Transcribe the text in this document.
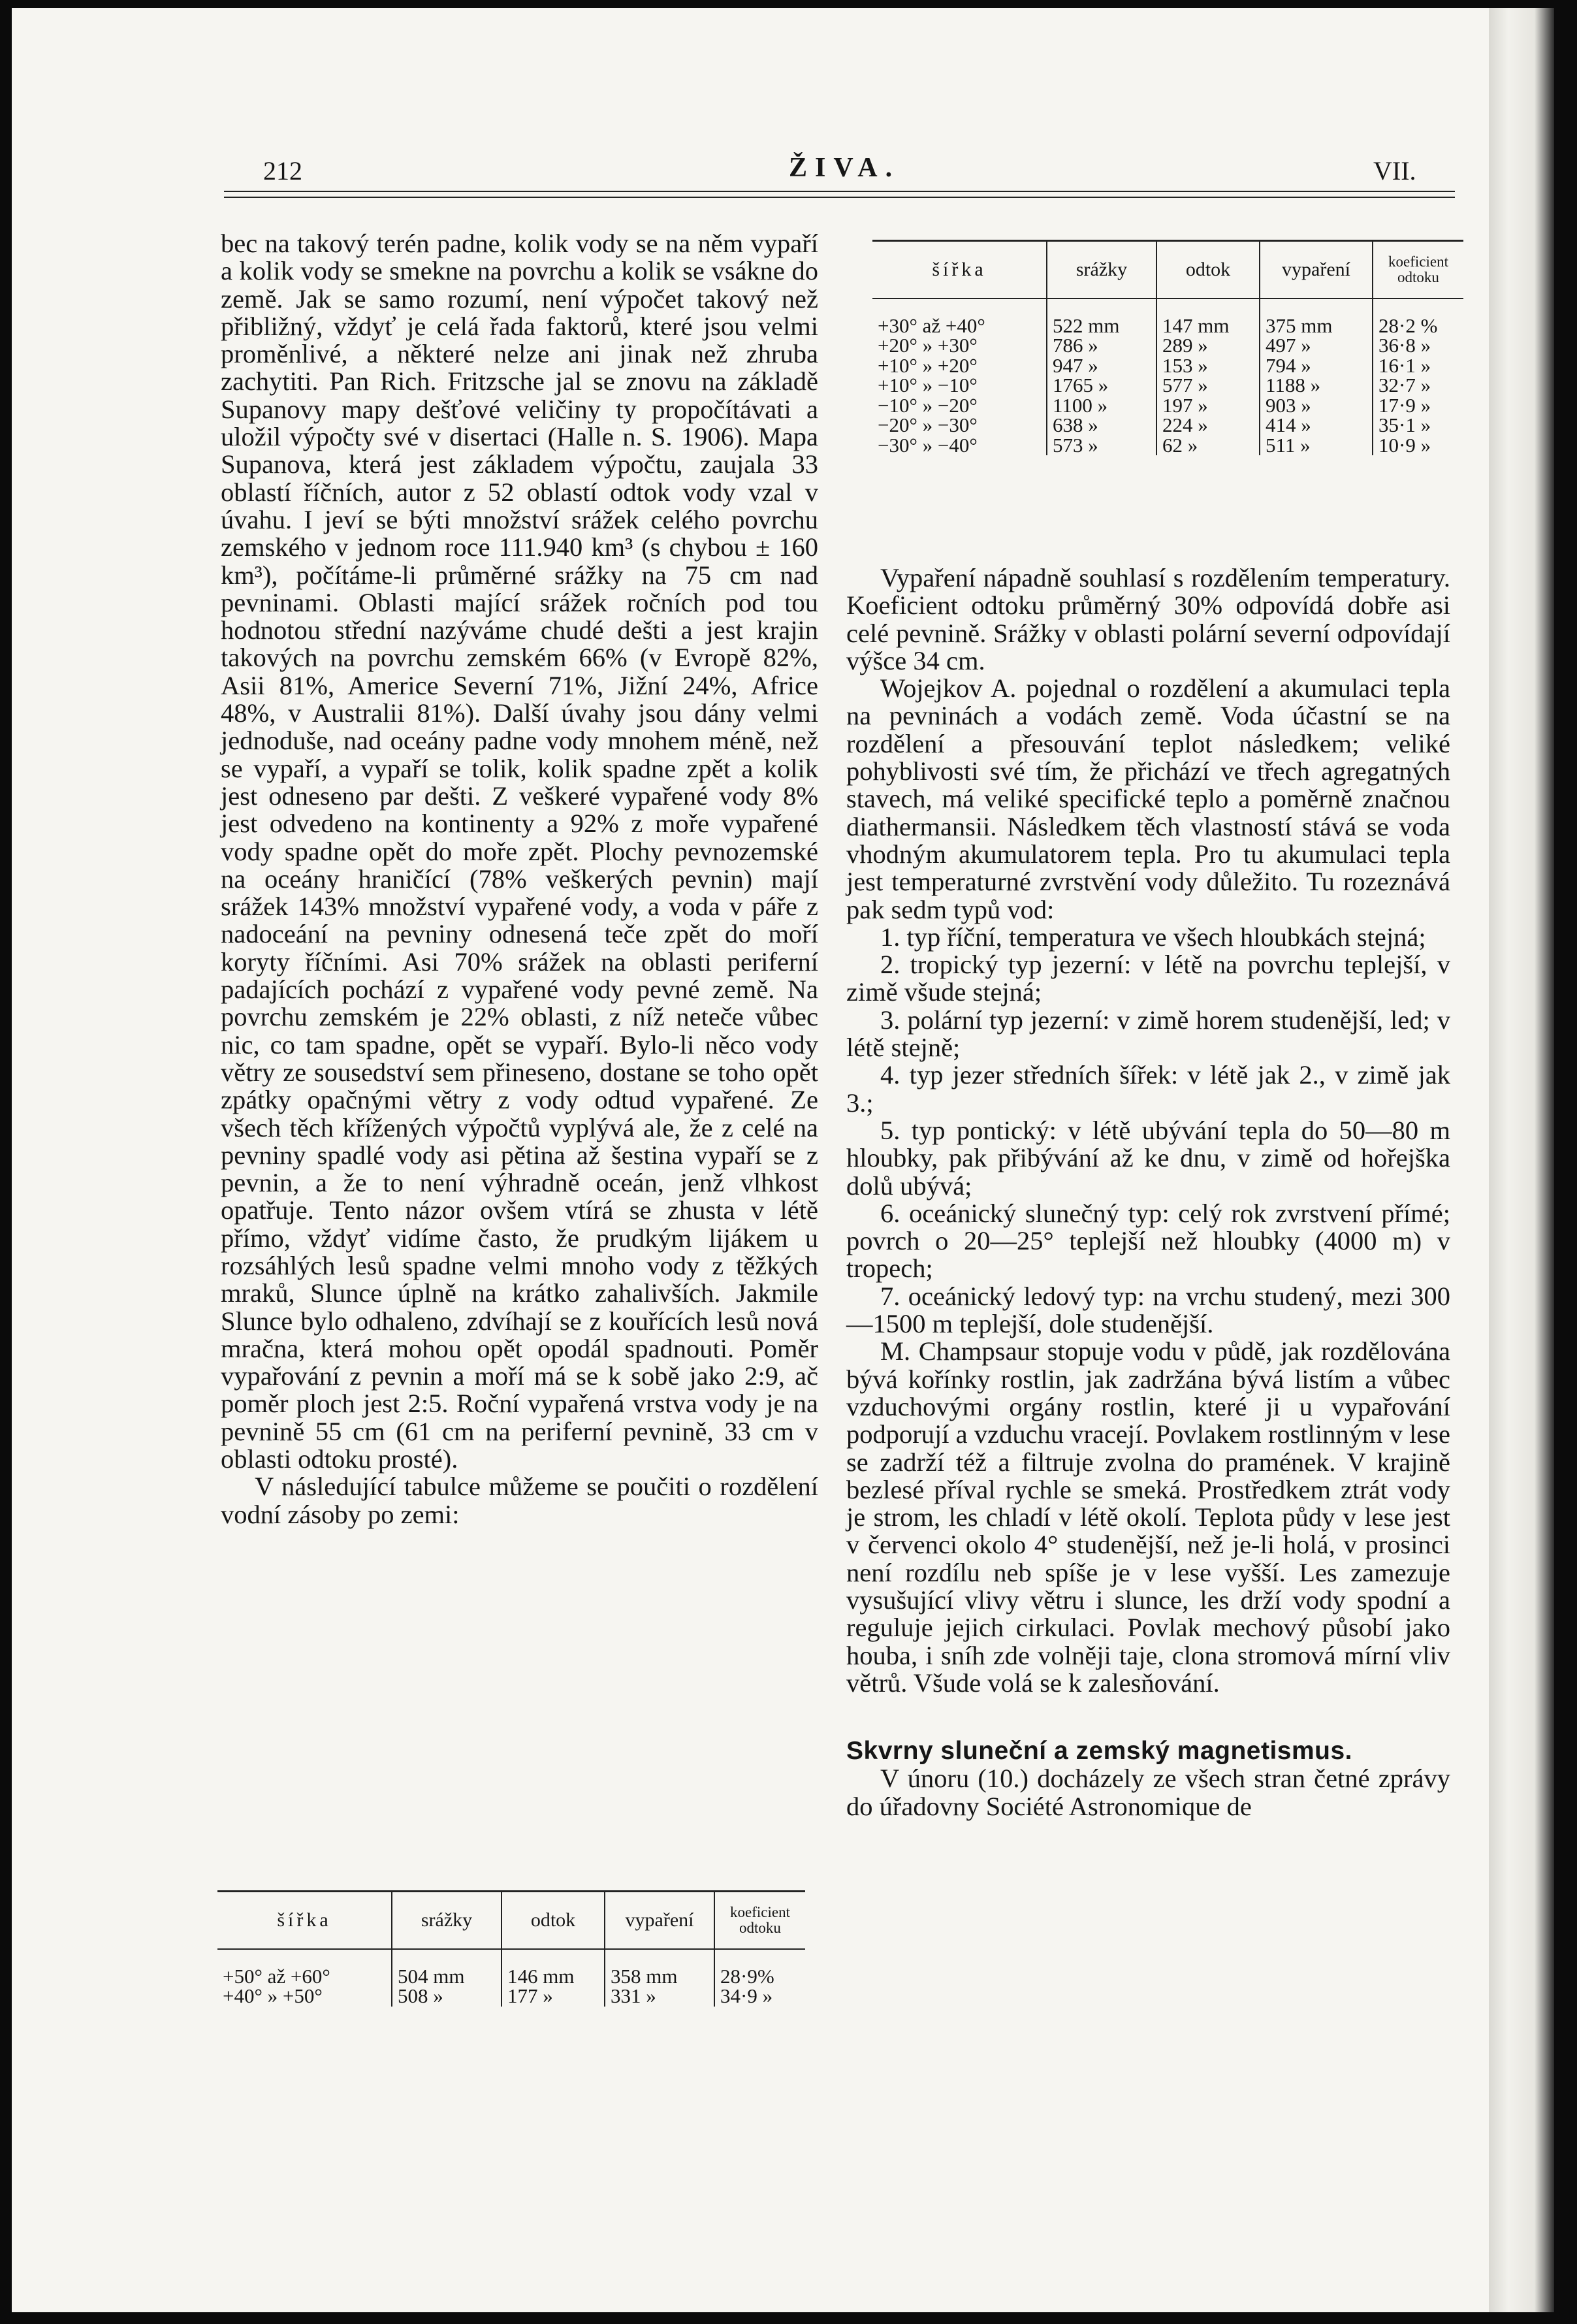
212	ŽIVA.	VII.

bec na takový terén padne, kolik vody se na něm vypaří a kolik vody se smekne na povrchu a kolik se vsákne do země. Jak se samo rozumí, není výpočet takový než přibližný, vždyť je celá řada faktorů, které jsou velmi proměnlivé, a některé nelze ani jinak než zhruba zachytiti. Pan Rich. Fritzsche jal se znovu na základě Supanovy mapy dešťové veličiny ty propočítávati a uložil výpočty své v disertaci (Halle n. S. 1906). Mapa Supanova, která jest základem výpočtu, zaujala 33 oblastí říčních, autor z 52 oblastí odtok vody vzal v úvahu. I jeví se býti množství srážek celého povrchu zemského v jednom roce 111.940 km³ (s chybou ± 160 km³), počítáme-li průměrné srážky na 75 cm nad pevninami. Oblasti mající srážek ročních pod tou hodnotou střední nazýváme chudé dešti a jest krajin takových na povrchu zemském 66% (v Evropě 82%, Asii 81%, Americe Severní 71%, Jižní 24%, Africe 48%, v Australii 81%). Další úvahy jsou dány velmi jednoduše, nad oceány padne vody mnohem méně, než se vypaří, a vypaří se tolik, kolik spadne zpět a kolik jest odneseno par dešti. Z veškeré vypařené vody 8% jest odvedeno na kontinenty a 92% z moře vypařené vody spadne opět do moře zpět. Plochy pevnozemské na oceány hraničící (78% veškerých pevnin) mají srážek 143% množství vypařené vody, a voda v páře z nadoceání na pevniny odnesená teče zpět do moří koryty říčními. Asi 70% srážek na oblasti periferní padajících pochází z vypařené vody pevné země. Na povrchu zemském je 22% oblasti, z níž neteče vůbec nic, co tam spadne, opět se vypaří. Bylo-li něco vody větry ze sousedství sem přineseno, dostane se toho opět zpátky opačnými větry z vody odtud vypařené. Ze všech těch křížených výpočtů vyplývá ale, že z celé na pevniny spadlé vody asi pětina až šestina vypaří se z pevnin, a že to není výhradně oceán, jenž vlhkost opatřuje. Tento názor ovšem vtírá se zhusta v létě přímo, vždyť vidíme často, že prudkým lijákem u rozsáhlých lesů spadne velmi mnoho vody z těžkých mraků, Slunce úplně na krátko zahalivších. Jakmile Slunce bylo odhaleno, zdvíhají se z kouřících lesů nová mračna, která mohou opět opodál spadnouti. Poměr vypařování z pevnin a moří má se k sobě jako 2:9, ač poměr ploch jest 2:5. Roční vypařená vrstva vody je na pevnině 55 cm (61 cm na periferní pevnině, 33 cm v oblasti odtoku prosté).

V následující tabulce můžeme se poučiti o rozdělení vodní zásoby po zemi:

šířka	srážky	odtok	vypaření	koeficient odtoku
+50° až +60°	504 mm	146 mm	358 mm	28·9%
+40° » +50°	508 »	177 »	331 »	34·9 »
šířka	srážky	odtok	vypaření	koeficient odtoku
+30° až +40°	522 mm	147 mm	375 mm	28·2 %
+20° » +30°	786 »	289 »	497 »	36·8 »
+10° » +20°	947 »	153 »	794 »	16·1 »
+10° » −10°	1765 »	577 »	1188 »	32·7 »
−10° » −20°	1100 »	197 »	903 »	17·9 »
−20° » −30°	638 »	224 »	414 »	35·1 »
−30° » −40°	573 »	62 »	511 »	10·9 »

Vypaření nápadně souhlasí s rozdělením temperatury. Koeficient odtoku průměrný 30% odpovídá dobře asi celé pevnině. Srážky v oblasti polární severní odpovídají výšce 34 cm.

Wojejkov A. pojednal o rozdělení a akumulaci tepla na pevninách a vodách země. Voda účastní se na rozdělení a přesouvání teplot následkem; veliké pohyblivosti své tím, že přichází ve třech agregatných stavech, má veliké specifické teplo a poměrně značnou diathermansii. Následkem těch vlastností stává se voda vhodným akumulatorem tepla. Pro tu akumulaci tepla jest temperaturné zvrstvění vody důležito. Tu rozeznává pak sedm typů vod:

1. typ říční, temperatura ve všech hloubkách stejná;

2. tropický typ jezerní: v létě na povrchu teplejší, v zimě všude stejná;

3. polární typ jezerní: v zimě horem studenější, led; v létě stejně;

4. typ jezer středních šířek: v létě jak 2., v zimě jak 3.;

5. typ pontický: v létě ubývání tepla do 50—80 m hloubky, pak přibývání až ke dnu, v zimě od hořejška dolů ubývá;

6. oceánický slunečný typ: celý rok zvrstvení přímé; povrch o 20—25° teplejší než hloubky (4000 m) v tropech;

7. oceánický ledový typ: na vrchu studený, mezi 300—1500 m teplejší, dole studenější.

M. Champsaur stopuje vodu v půdě, jak rozdělována bývá kořínky rostlin, jak zadržána bývá listím a vůbec vzduchovými orgány rostlin, které ji u vypařování podporují a vzduchu vracejí. Povlakem rostlinným v lese se zadrží též a filtruje zvolna do pramének. V krajině bezlesé příval rychle se smeká. Prostředkem ztrát vody je strom, les chladí v létě okolí. Teplota půdy v lese jest v červenci okolo 4° studenější, než je-li holá, v prosinci není rozdílu neb spíše je v lese vyšší. Les zamezuje vysušující vlivy větru i slunce, les drží vody spodní a reguluje jejich cirkulaci. Povlak mechový působí jako houba, i sníh zde volněji taje, clona stromová mírní vliv větrů. Všude volá se k zalesňování.

Skvrny sluneční a zemský magnetismus.

V únoru (10.) docházely ze všech stran četné zprávy do úřadovny Société Astronomique de
